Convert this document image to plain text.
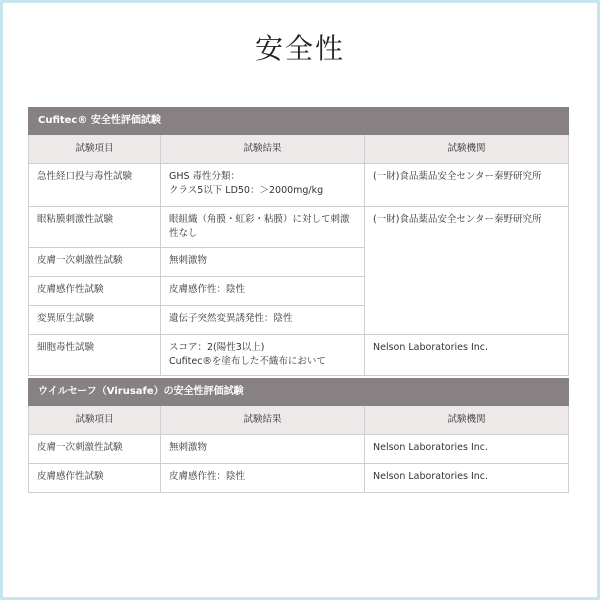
安全性
Cufitec® 安全性評価試験		
試験項目	試験結果	試験機関
急性経口投与毒性試験	GHS 毒性分類：
クラス5以下 LD50：＞2000mg/kg	(一財)食品薬品安全センター秦野研究所
眼粘膜刺激性試験	眼組織（角膜・虹彩・粘膜）に対して刺激性なし	(一財)食品薬品安全センター秦野研究所
皮膚一次刺激性試験	無刺激物	

皮膚感作性試験	皮膚感作性：陰性	

変異原生試験	遺伝子突然変異誘発性：陰性	

細胞毒性試験	スコア：2(陽性3以上)
Cufitec®を塗布した不織布において	Nelson Laboratories Inc.
ウイルセーフ（Virusafe）の安全性評価試験		
試験項目	試験結果	試験機関
皮膚一次刺激性試験	無刺激物	Nelson Laboratories Inc.
皮膚感作性試験	皮膚感作性：陰性	Nelson Laboratories Inc.
